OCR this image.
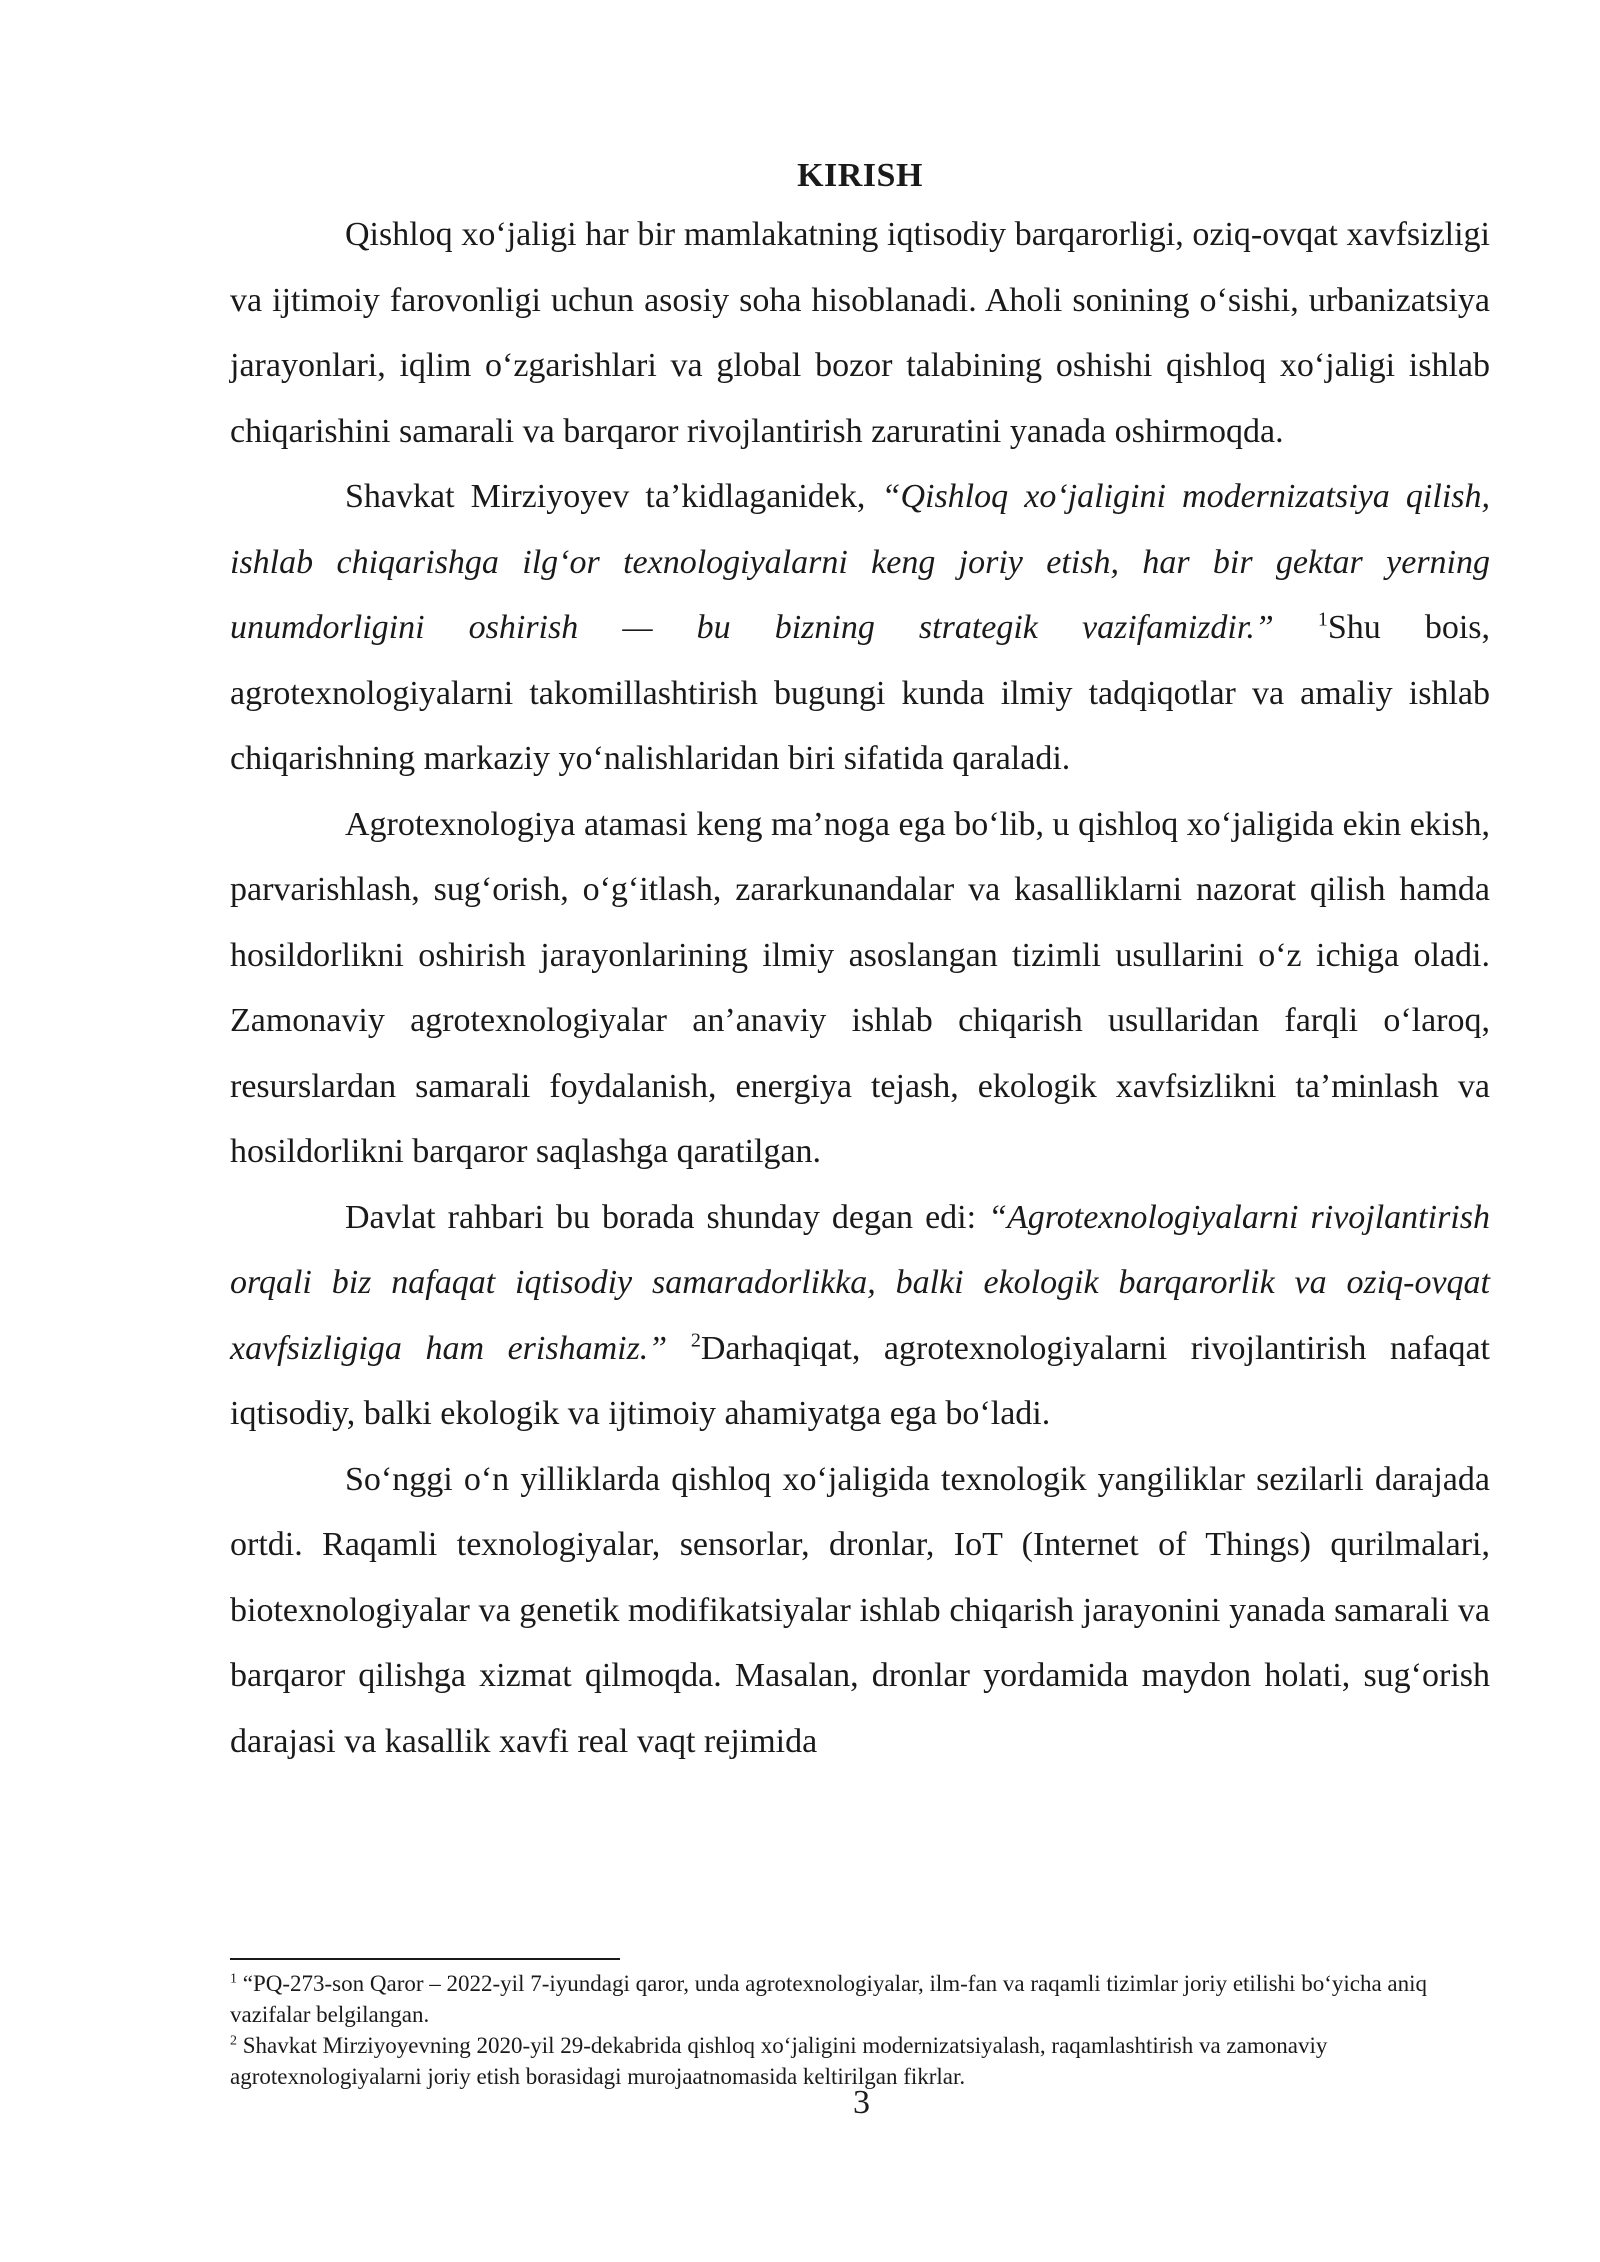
KIRISH

Qishloq xo‘jaligi har bir mamlakatning iqtisodiy barqarorligi, oziq-ovqat xavfsizligi va ijtimoiy farovonligi uchun asosiy soha hisoblanadi. Aholi sonining o‘sishi, urbanizatsiya jarayonlari, iqlim o‘zgarishlari va global bozor talabining oshishi qishloq xo‘jaligi ishlab chiqarishini samarali va barqaror rivojlantirish zaruratini yanada oshirmoqda.

Shavkat Mirziyoyev ta’kidlaganidek, “Qishloq xo‘jaligini modernizatsiya qilish, ishlab chiqarishga ilg‘or texnologiyalarni keng joriy etish, har bir gektar yerning unumdorligini oshirish — bu bizning strategik vazifamizdir.” $^1$Shu bois, agrotexnologiyalarni takomillashtirish bugungi kunda ilmiy tadqiqotlar va amaliy ishlab chiqarishning markaziy yo‘nalishlaridan biri sifatida qaraladi.

Agrotexnologiya atamasi keng ma’noga ega bo‘lib, u qishloq xo‘jaligida ekin ekish, parvarishlash, sug‘orish, o‘g‘itlash, zararkunandalar va kasalliklarni nazorat qilish hamda hosildorlikni oshirish jarayonlarining ilmiy asoslangan tizimli usullarini o‘z ichiga oladi. Zamonaviy agrotexnologiyalar an’anaviy ishlab chiqarish usullaridan farqli o‘laroq, resurslardan samarali foydalanish, energiya tejash, ekologik xavfsizlikni ta’minlash va hosildorlikni barqaror saqlashga qaratilgan.

Davlat rahbari bu borada shunday degan edi: “Agrotexnologiyalarni rivojlantirish orqali biz nafaqat iqtisodiy samaradorlikka, balki ekologik barqarorlik va oziq-ovqat xavfsizligiga ham erishamiz.” $^2$Darhaqiqat, agrotexnologiyalarni rivojlantirish nafaqat iqtisodiy, balki ekologik va ijtimoiy ahamiyatga ega bo‘ladi.

So‘nggi o‘n yilliklarda qishloq xo‘jaligida texnologik yangiliklar sezilarli darajada ortdi. Raqamli texnologiyalar, sensorlar, dronlar, IoT (Internet of Things) qurilmalari, biotexnologiyalar va genetik modifikatsiyalar ishlab chiqarish jarayonini yanada samarali va barqaror qilishga xizmat qilmoqda. Masalan, dronlar yordamida maydon holati, sug‘orish darajasi va kasallik xavfi real vaqt rejimida

$^1$ “PQ-273-son Qaror – 2022-yil 7-iyundagi qaror, unda agrotexnologiyalar, ilm-fan va raqamli tizimlar joriy etilishi bo‘yicha aniq vazifalar belgilangan.

$^2$ Shavkat Mirziyoyevning 2020-yil 29-dekabrida qishloq xo‘jaligini modernizatsiyalash, raqamlashtirish va zamonaviy agrotexnologiyalarni joriy etish borasidagi murojaatnomasida keltirilgan fikrlar.

3
